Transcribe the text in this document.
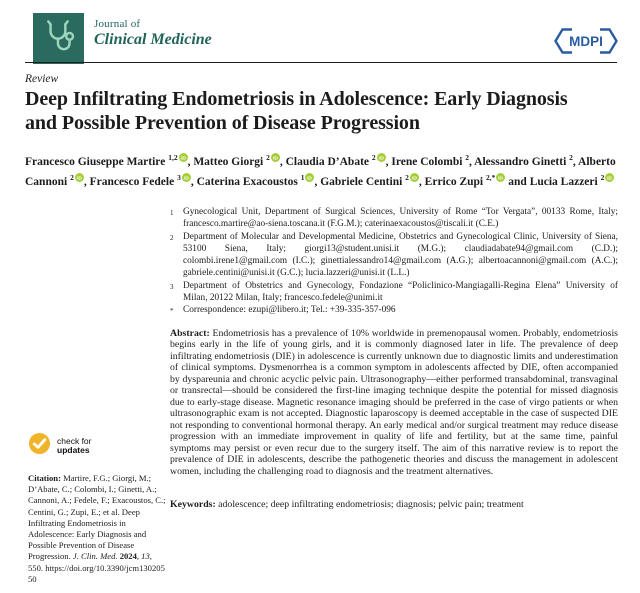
Journal of
Clinical Medicine	MDPI
Review
Deep Infiltrating Endometriosis in Adolescence: Early Diagnosis
and Possible Prevention of Disease Progression
Francesco Giuseppe Martire $^{1,2}$ iD , Matteo Giorgi $^2$ iD , Claudia D’Abate $^2$ iD , Irene Colombi $^2$, Alessandro Ginetti $^2$, Alberto Cannoni $^2$ iD , Francesco Fedele $^3$ iD , Caterina Exacoustos $^1$ iD , Gabriele Centini $^2$ iD , Errico Zupi $^{2,*}$ iD and Lucia Lazzeri $^2$ iD
1	Gynecological Unit, Department of Surgical Sciences, University of Rome “Tor Vergata”, 00133 Rome, Italy; francesco.martire@ao-siena.toscana.it (F.G.M.); caterinaexacoustos@tiscali.it (C.E.)
2	Department of Molecular and Developmental Medicine, Obstetrics and Gynecological Clinic, University of Siena, 53100 Siena, Italy; giorgi13@student.unisi.it (M.G.); claudiadabate94@gmail.com (C.D.); colombi.irene1@gmail.com (I.C.); ginettialessandro14@gmail.com (A.G.); albertoacannoni@gmail.com (A.C.); gabriele.centini@unisi.it (G.C.); lucia.lazzeri@unisi.it (L.L.)
3	Department of Obstetrics and Gynecology, Fondazione “Policlinico-Mangiagalli-Regina Elena” University of Milan, 20122 Milan, Italy; francesco.fedele@unimi.it
*	Correspondence: ezupi@libero.it; Tel.: +39-335-357-096

Abstract: Endometriosis has a prevalence of 10% worldwide in premenopausal women. Probably, endometriosis begins early in the life of young girls, and it is commonly diagnosed later in life. The prevalence of deep infiltrating endometriosis (DIE) in adolescence is currently unknown due to diagnostic limits and underestimation of clinical symptoms. Dysmenorrhea is a common symptom in adolescents affected by DIE, often accompanied by dyspareunia and chronic acyclic pelvic pain. Ultrasonography—either performed transabdominal, transvaginal or transrectal—should be considered the first-line imaging technique despite the potential for missed diagnosis due to early-stage disease. Magnetic resonance imaging should be preferred in the case of virgo patients or when ultrasonographic exam is not accepted. Diagnostic laparoscopy is deemed acceptable in the case of suspected DIE not responding to conventional hormonal therapy. An early medical and/or surgical treatment may reduce disease progression with an immediate improvement in quality of life and fertility, but at the same time, painful symptoms may persist or even recur due to the surgery itself. The aim of this narrative review is to report the prevalence of DIE in adolescents, describe the pathogenetic theories and discuss the management in adolescent women, including the challenging road to diagnosis and the treatment alternatives.

Keywords: adolescence; deep infiltrating endometriosis; diagnosis; pelvic pain; treatment

check for
updates

Citation: Martire, F.G.; Giorgi, M.; D’Abate, C.; Colombi, I.; Ginetti, A.; Cannoni, A.; Fedele, F.; Exacoustos, C.; Centini, G.; Zupi, E.; et al. Deep Infiltrating Endometriosis in Adolescence: Early Diagnosis and Possible Prevention of Disease Progression. J. Clin. Med. 2024, 13, 550. https://doi.org/10.3390/jcm13020550
